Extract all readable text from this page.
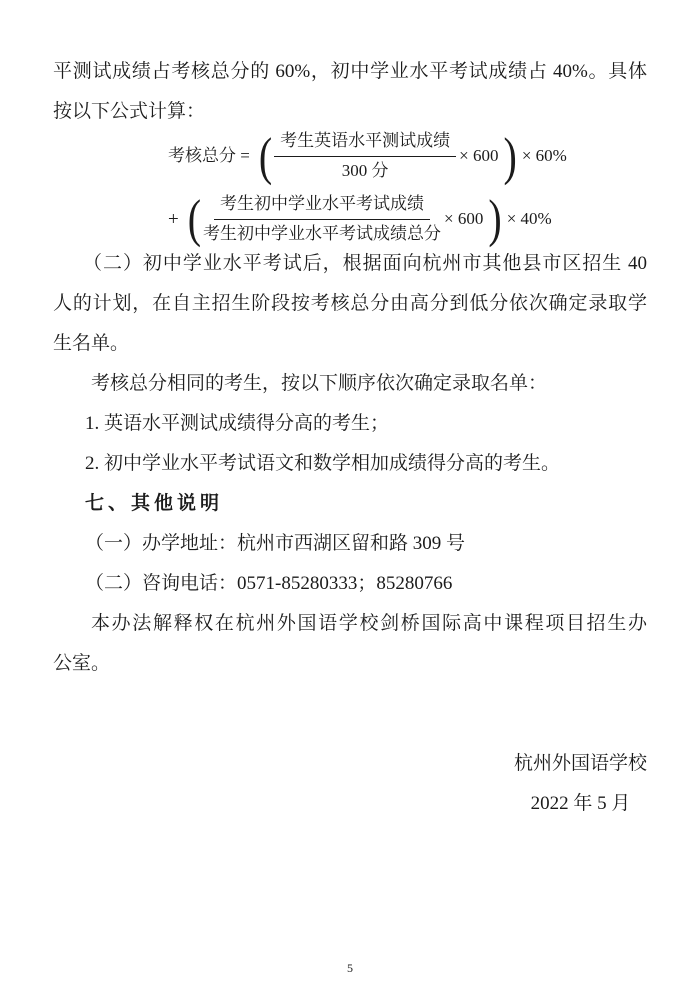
平测试成绩占考核总分的 60%，初中学业水平考试成绩占 40%。具体
按以下公式计算：
考核总分 = ( $\frac{\text{考生英语水平测试成绩}}{\text{300 分}} \times 600$ ) × 60%
+ ( $\frac{\text{考生初中学业水平考试成绩}}{\text{考生初中学业水平考试成绩总分}} \times 600$ ) × 40%
（二）初中学业水平考试后，根据面向杭州市其他县市区招生 40
人的计划，在自主招生阶段按考核总分由高分到低分依次确定录取学
生名单。
考核总分相同的考生，按以下顺序依次确定录取名单：
1. 英语水平测试成绩得分高的考生；
2. 初中学业水平考试语文和数学相加成绩得分高的考生。
七、其他说明
（一）办学地址：杭州市西湖区留和路 309 号
（二）咨询电话：0571-85280333；85280766
本办法解释权在杭州外国语学校剑桥国际高中课程项目招生办
公室。
杭州外国语学校
2022 年 5 月
5
